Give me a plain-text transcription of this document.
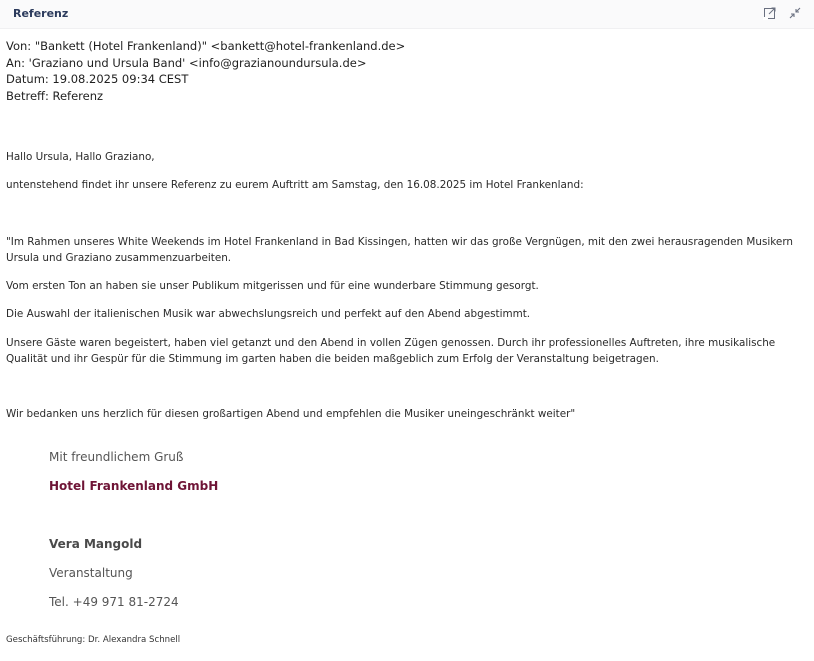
Referenz
Von: "Bankett (Hotel Frankenland)" <bankett@hotel-frankenland.de>
An: 'Graziano und Ursula Band' <info@grazianoundursula.de>
Datum: 19.08.2025 09:34 CEST
Betreff: Referenz
Hallo Ursula, Hallo Graziano,
untenstehend findet ihr unsere Referenz zu eurem Auftritt am Samstag, den 16.08.2025 im Hotel Frankenland:
"Im Rahmen unseres White Weekends im Hotel Frankenland in Bad Kissingen, hatten wir das große Vergnügen, mit den zwei herausragenden Musikern Ursula und Graziano zusammenzuarbeiten.
Vom ersten Ton an haben sie unser Publikum mitgerissen und für eine wunderbare Stimmung gesorgt.
Die Auswahl der italienischen Musik war abwechslungsreich und perfekt auf den Abend abgestimmt.
Unsere Gäste waren begeistert, haben viel getanzt und den Abend in vollen Zügen genossen. Durch ihr professionelles Auftreten, ihre musikalische Qualität und ihr Gespür für die Stimmung im garten haben die beiden maßgeblich zum Erfolg der Veranstaltung beigetragen.
Wir bedanken uns herzlich für diesen großartigen Abend und empfehlen die Musiker uneingeschränkt weiter"
Mit freundlichem Gruß
Hotel Frankenland GmbH
Vera Mangold
Veranstaltung
Tel. +49 971 81-2724
Geschäftsführung: Dr. Alexandra Schnell
